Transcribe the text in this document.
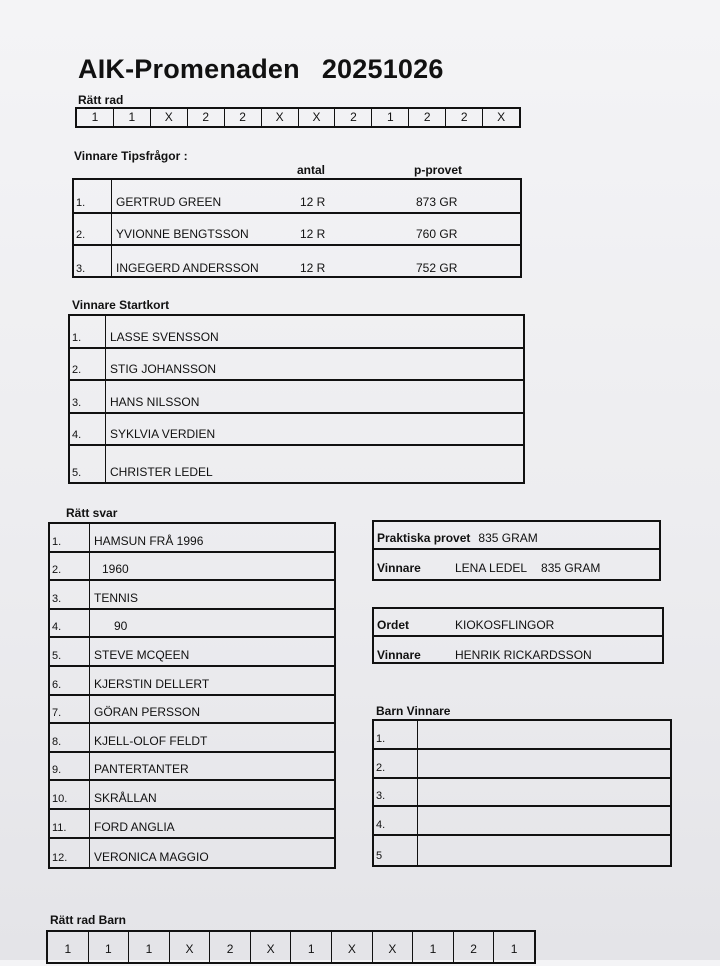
AIK-Promenaden 20251026
Rätt rad
1	1	X	2	2	X	X	2	1	2	2	X
Vinnare Tipsfrågor :
antal	p-provet
1.	GERTRUD GREEN	12 R	873 GR
2.	YVIONNE BENGTSSON	12 R	760 GR
3.	INGEGERD ANDERSSON	12 R	752 GR
Vinnare Startkort
1.	LASSE SVENSSON
2.	STIG JOHANSSON
3.	HANS NILSSON
4.	SYKLVIA VERDIEN
5.	CHRISTER LEDEL
Rätt svar
1.	HAMSUN FRÅ 1996
2.	1960
3.	TENNIS
4.	90
5.	STEVE MCQEEN
6.	KJERSTIN DELLERT
7.	GÖRAN PERSSON
8.	KJELL-OLOF FELDT
9.	PANTERTANTER
10.	SKRÅLLAN
11.	FORD ANGLIA
12.	VERONICA MAGGIO
Praktiska provet 835 GRAM
Vinnare	LENA LEDEL 835 GRAM
Ordet	KIOKOSFLINGOR
Vinnare	HENRIK RICKARDSSON
Barn Vinnare
1.
2.
3.
4.
5
Rätt rad Barn
1	1	1	X	2	X	1	X	X	1	2	1
